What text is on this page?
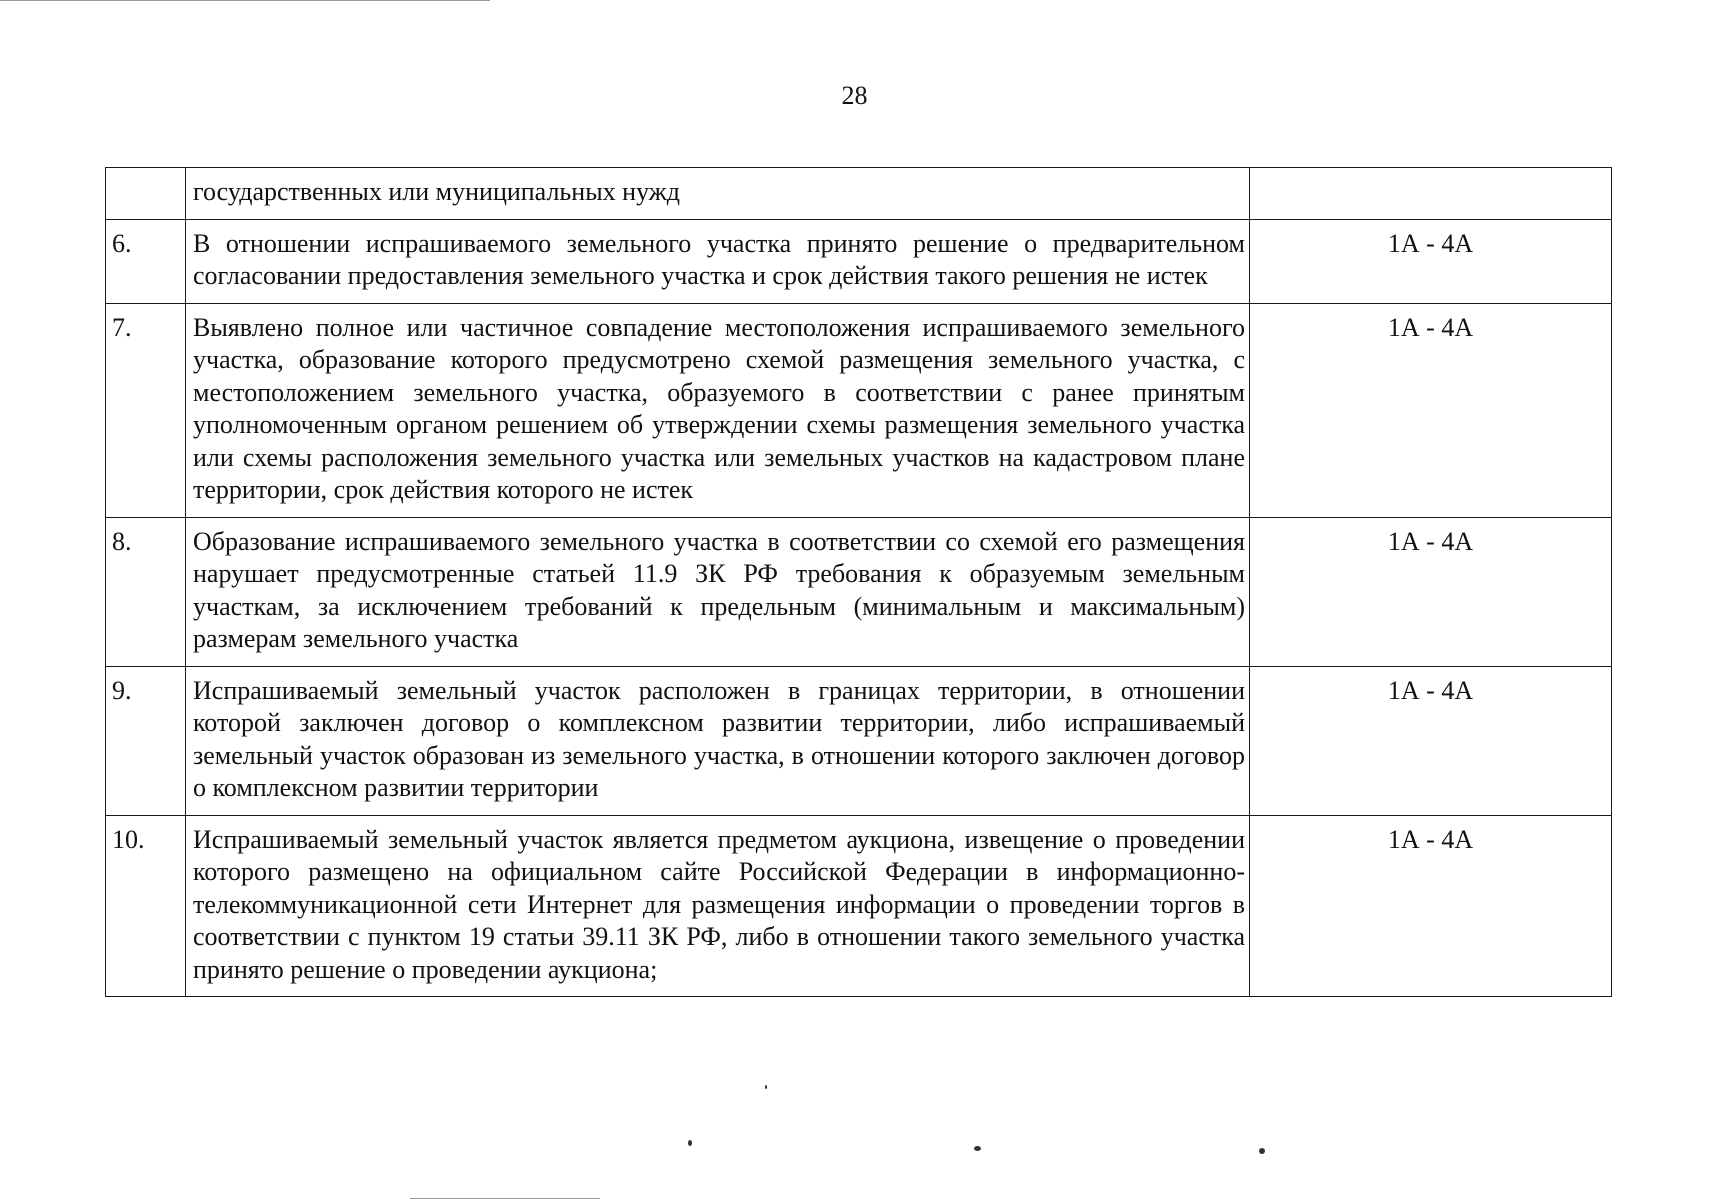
28
	государственных или муниципальных нужд	
6.	В отношении испрашиваемого земельного участка принято решение о предварительном согласовании предоставления земельного участка и срок действия такого решения не истек	1А - 4А
7.	Выявлено полное или частичное совпадение местоположения испрашиваемого земельного участка, образование которого предусмотрено схемой размещения земельного участка, с местоположением земельного участка, образуемого в соответствии с ранее принятым уполномоченным органом решением об утверждении схемы размещения земельного участка или схемы расположения земельного участка или земельных участков на кадастровом плане территории, срок действия которого не истек	1А - 4А
8.	Образование испрашиваемого земельного участка в соответствии со схемой его размещения нарушает предусмотренные статьей 11.9 ЗК РФ требования к образуемым земельным участкам, за исключением требований к предельным (минимальным и максимальным) размерам земельного участка	1А - 4А
9.	Испрашиваемый земельный участок расположен в границах территории, в отношении которой заключен договор о комплексном развитии территории, либо испрашиваемый земельный участок образован из земельного участка, в отношении которого заключен договор о комплексном развитии территории	1А - 4А
10.	Испрашиваемый земельный участок является предметом аукциона, извещение о проведении которого размещено на официальном сайте Российской Федерации в информационно-телекоммуникационной сети Интернет для размещения информации о проведении торгов в соответствии с пунктом 19 статьи 39.11 ЗК РФ, либо в отношении такого земельного участка принято решение о проведении аукциона;	1А - 4А
